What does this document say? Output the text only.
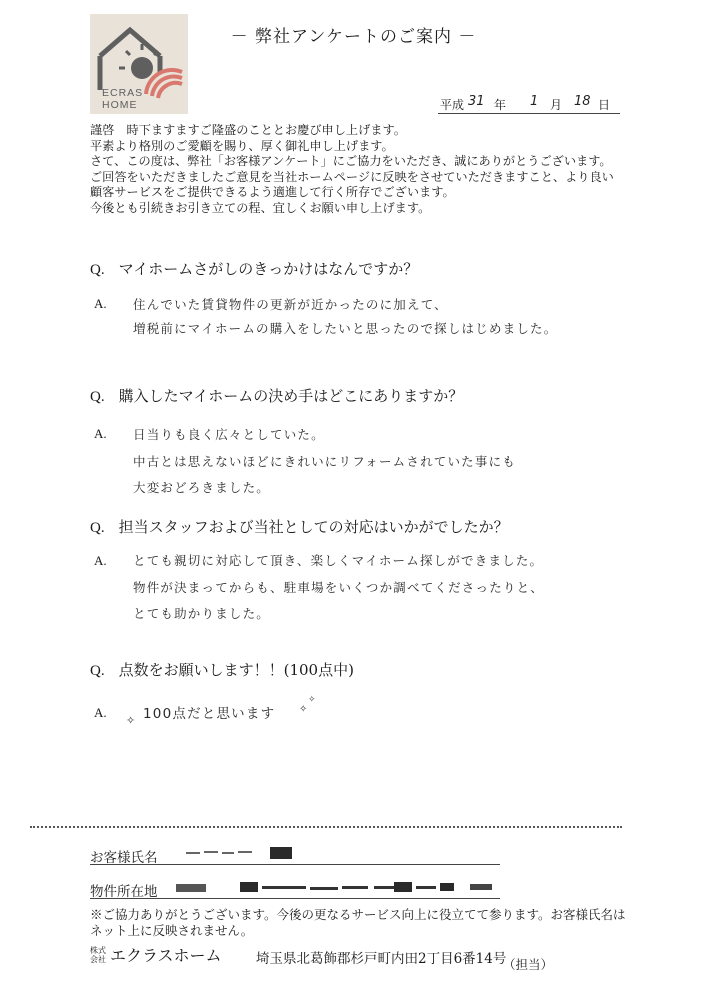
ECRAS
HOME
－ 弊社アンケートのご案内 －
平成 31 年 1 月 18 日
謹啓　時下ますますご隆盛のこととお慶び申し上げます。
平素より格別のご愛顧を賜り、厚く御礼申し上げます。
さて、この度は、弊社「お客様アンケート」にご協力をいただき、誠にありがとうございます。
ご回答をいただきましたご意見を当社ホームページに反映をさせていただきますこと、より良い
顧客サービスをご提供できるよう適進して行く所存でございます。
今後とも引続きお引き立ての程、宜しくお願い申し上げます。
Q. マイホームさがしのきっかけはなんですか？
A. 住んでいた賃貸物件の更新が近かったのに加えて、
増税前にマイホームの購入をしたいと思ったので探しはじめました。
Q. 購入したマイホームの決め手はどこにありますか？
A. 日当りも良く広々としていた。
中古とは思えないほどにきれいにリフォームされていた事にも
大変おどろきました。
Q. 担当スタッフおよび当社としての対応はいかがでしたか？
A. とても親切に対応して頂き、楽しくマイホーム探しができました。
物件が決まってからも、駐車場をいくつか調べてくださったりと、
とても助かりました。
Q. 点数をお願いします！！(100点中)
A.	100点だと思います
✧
✧
✧
お客様氏名
物件所在地
※ご協力ありがとうございます。今後の更なるサービス向上に役立てて参ります。お客様氏名は
ネット上に反映されません。
株式
会社 エクラスホーム	埼玉県北葛飾郡杉戸町内田2丁目6番14号
（担当）
